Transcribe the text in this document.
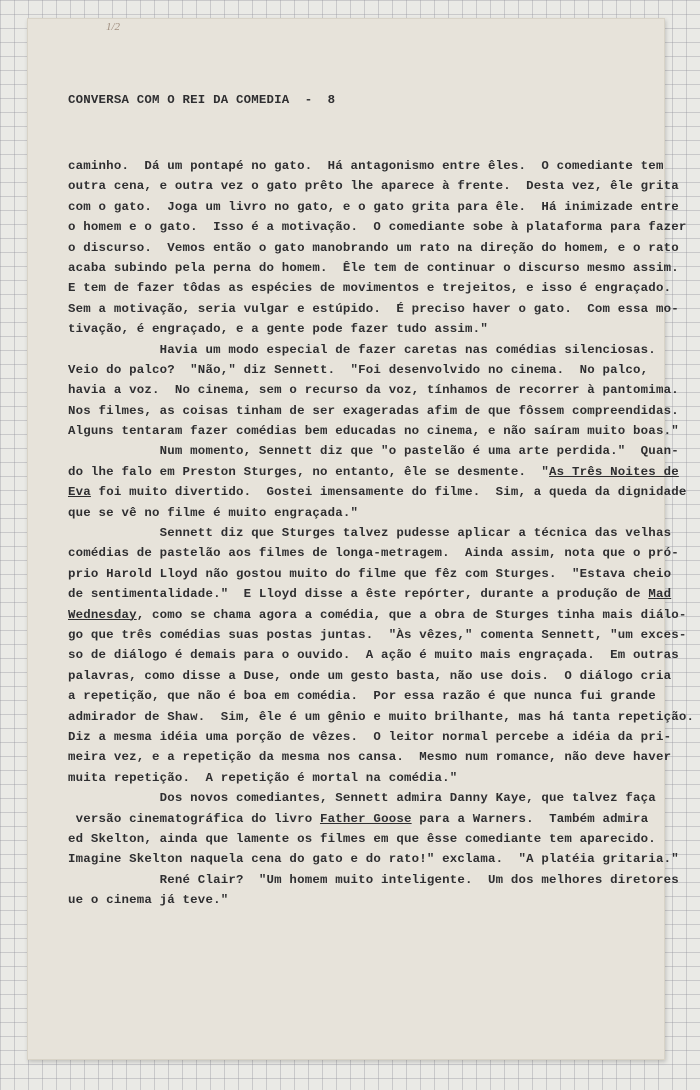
1/2

CONVERSA COM O REI DA COMEDIA  -  8

caminho.  Dá um pontapé no gato.  Há antagonismo entre êles.  O comediante tem
outra cena, e outra vez o gato prêto lhe aparece à frente.  Desta vez, êle grita
com o gato.  Joga um livro no gato, e o gato grita para êle.  Há inimizade entre
o homem e o gato.  Isso é a motivação.  O comediante sobe à plataforma para fazer
o discurso.  Vemos então o gato manobrando um rato na direção do homem, e o rato
acaba subindo pela perna do homem.  Êle tem de continuar o discurso mesmo assim.
E tem de fazer tôdas as espécies de movimentos e trejeitos, e isso é engraçado.
Sem a motivação, seria vulgar e estúpido.  É preciso haver o gato.  Com essa mo-
tivação, é engraçado, e a gente pode fazer tudo assim."
Havia um modo especial de fazer caretas nas comédias silenciosas.
Veio do palco?  "Não," diz Sennett.  "Foi desenvolvido no cinema.  No palco,
havia a voz.  No cinema, sem o recurso da voz, tínhamos de recorrer à pantomima.
Nos filmes, as coisas tinham de ser exageradas afim de que fôssem compreendidas.
Alguns tentaram fazer comédias bem educadas no cinema, e não saíram muito boas."
Num momento, Sennett diz que "o pastelão é uma arte perdida."  Quan-
do lhe falo em Preston Sturges, no entanto, êle se desmente.  "As Três Noites de
Eva foi muito divertido.  Gostei imensamente do filme.  Sim, a queda da dignidade
que se vê no filme é muito engraçada."
Sennett diz que Sturges talvez pudesse aplicar a técnica das velhas
comédias de pastelão aos filmes de longa-metragem.  Ainda assim, nota que o pró-
prio Harold Lloyd não gostou muito do filme que fêz com Sturges.  "Estava cheio
de sentimentalidade."  E Lloyd disse a êste repórter, durante a produção de Mad
Wednesday, como se chama agora a comédia, que a obra de Sturges tinha mais diálo-
go que três comédias suas postas juntas.  "Às vêzes," comenta Sennett, "um exces-
so de diálogo é demais para o ouvido.  A ação é muito mais engraçada.  Em outras
palavras, como disse a Duse, onde um gesto basta, não use dois.  O diálogo cria
a repetição, que não é boa em comédia.  Por essa razão é que nunca fui grande
admirador de Shaw.  Sim, êle é um gênio e muito brilhante, mas há tanta repetição.
Diz a mesma idéia uma porção de vêzes.  O leitor normal percebe a idéia da pri-
meira vez, e a repetição da mesma nos cansa.  Mesmo num romance, não deve haver
muita repetição.  A repetição é mortal na comédia."
Dos novos comediantes, Sennett admira Danny Kaye, que talvez faça
versão cinematográfica do livro Father Goose para a Warners.  Também admira
ed Skelton, ainda que lamente os filmes em que êsse comediante tem aparecido.
Imagine Skelton naquela cena do gato e do rato!" exclama.  "A platéia gritaria."
René Clair?  "Um homem muito inteligente.  Um dos melhores diretores
ue o cinema já teve."
